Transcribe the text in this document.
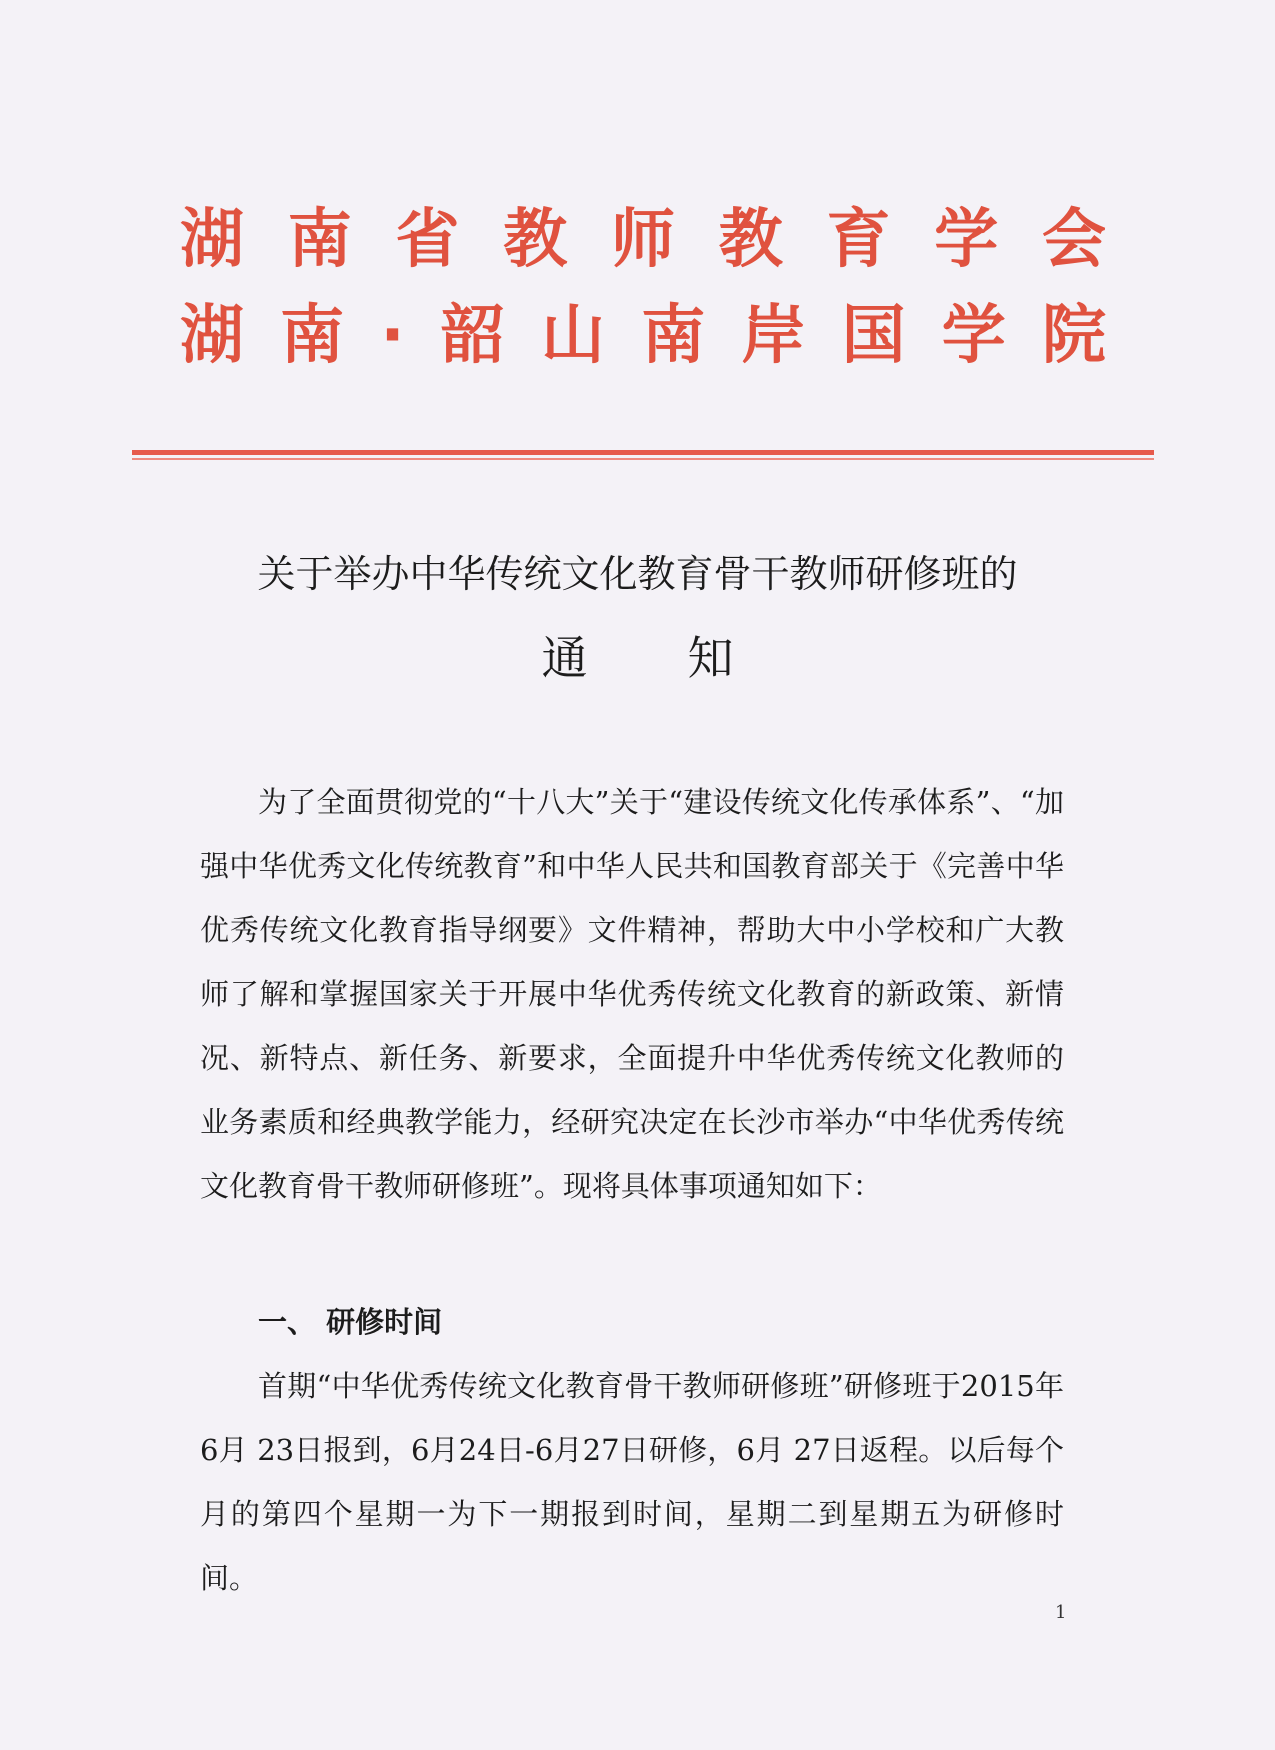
湖南省教师教育学会
湖南·韶山南岸国学院
关于举办中华传统文化教育骨干教师研修班的
通知
为了全面贯彻党的“十八大”关于“建设传统文化传承体系”、“加强中华优秀文化传统教育”和中华人民共和国教育部关于《完善中华优秀传统文化教育指导纲要》文件精神，帮助大中小学校和广大教师了解和掌握国家关于开展中华优秀传统文化教育的新政策、新情况、新特点、新任务、新要求，全面提升中华优秀传统文化教师的业务素质和经典教学能力，经研究决定在长沙市举办“中华优秀传统文化教育骨干教师研修班”。现将具体事项通知如下：
一、 研修时间
首期“中华优秀传统文化教育骨干教师研修班”研修班于2015年6月 23日报到，6月24日-6月27日研修，6月 27日返程。以后每个月的第四个星期一为下一期报到时间，星期二到星期五为研修时间。
1
